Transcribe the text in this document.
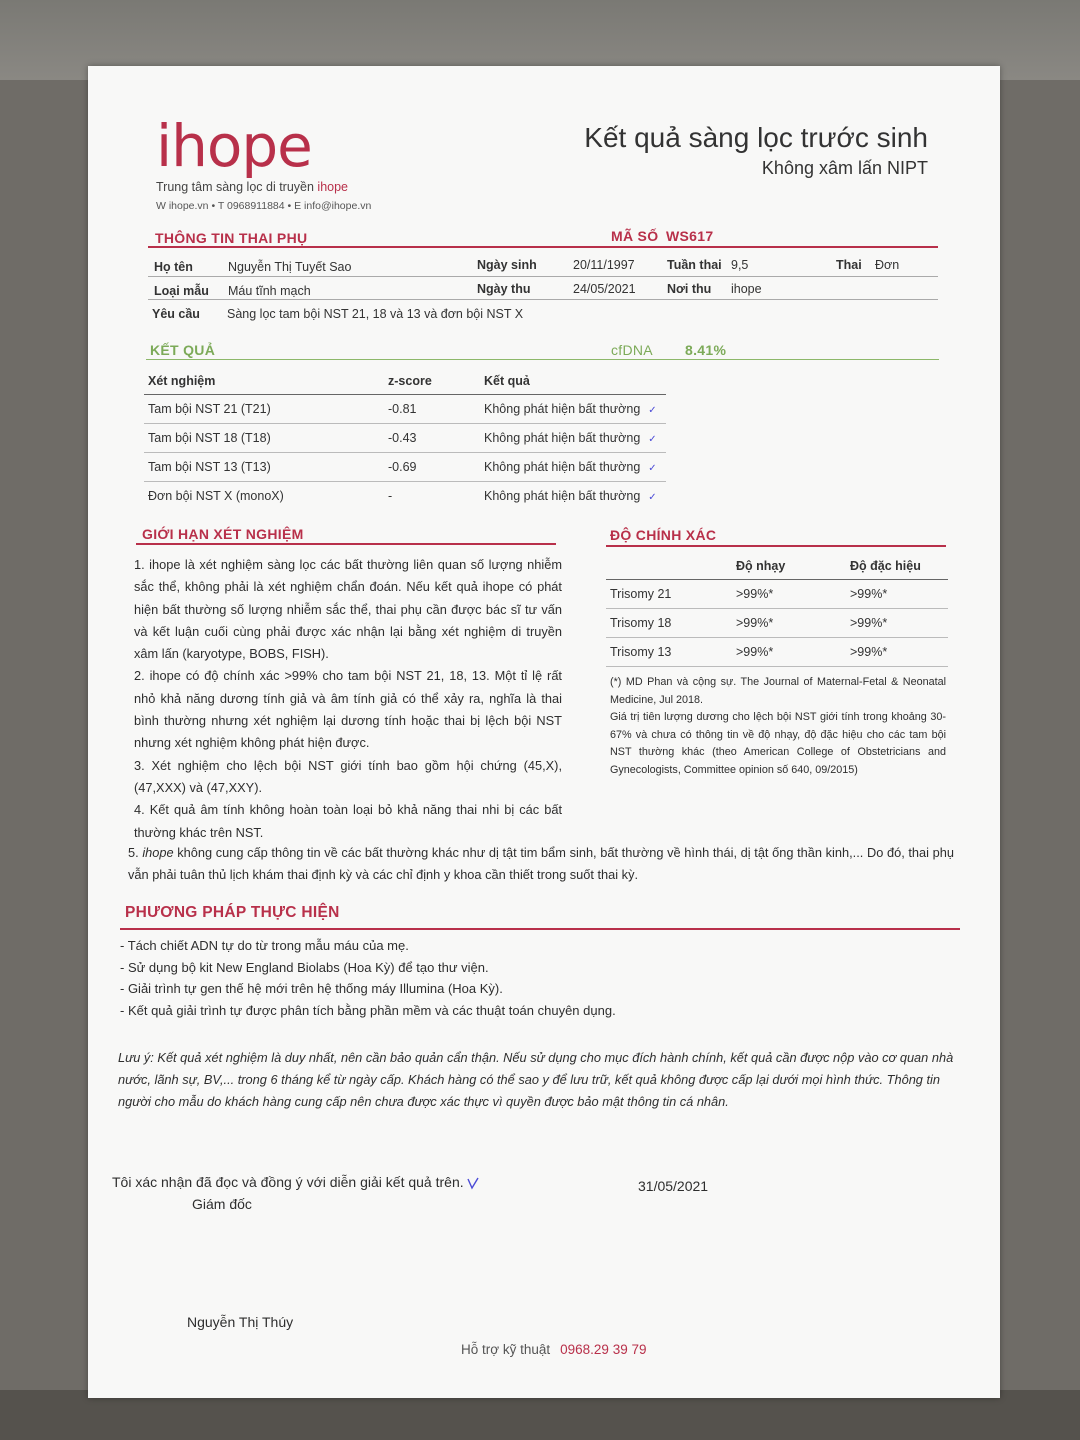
ihope
Trung tâm sàng lọc di truyền ihope
W ihope.vn • T 0968911884 • E info@ihope.vn
Kết quả sàng lọc trước sinh
Không xâm lấn NIPT
THÔNG TIN THAI PHỤ	MÃ SỐ WS617
Họ tên	Nguyễn Thị Tuyết Sao	Ngày sinh	20/11/1997	Tuần thai 9,5	Thai Đơn
Loại mẫu Máu tĩnh mạch	Ngày thu	24/05/2021	Nơi thu ihope
Yêu cầu Sàng lọc tam bội NST 21, 18 và 13 và đơn bội NST X
KẾT QUẢ	cfDNA 8.41%
Xét nghiệm	z-score	Kết quả
Tam bội NST 21 (T21)	-0.81	Không phát hiện bất thường ✓
Tam bội NST 18 (T18)	-0.43	Không phát hiện bất thường ✓
Tam bội NST 13 (T13)	-0.69	Không phát hiện bất thường ✓
Đơn bội NST X (monoX)	-	Không phát hiện bất thường ✓
GIỚI HẠN XÉT NGHIỆM
1. ihope là xét nghiệm sàng lọc các bất thường liên quan số lượng nhiễm sắc thể, không phải là xét nghiệm chẩn đoán. Nếu kết quả ihope có phát hiện bất thường số lượng nhiễm sắc thể, thai phụ cần được bác sĩ tư vấn và kết luận cuối cùng phải được xác nhận lại bằng xét nghiệm di truyền xâm lấn (karyotype, BOBS, FISH).
2. ihope có độ chính xác >99% cho tam bội NST 21, 18, 13. Một tỉ lệ rất nhỏ khả năng dương tính giả và âm tính giả có thể xảy ra, nghĩa là thai bình thường nhưng xét nghiệm lại dương tính hoặc thai bị lệch bội NST nhưng xét nghiệm không phát hiện được.
3. Xét nghiệm cho lệch bội NST giới tính bao gồm hội chứng (45,X), (47,XXX) và (47,XXY).
4. Kết quả âm tính không hoàn toàn loại bỏ khả năng thai nhi bị các bất thường khác trên NST.
5. ihope không cung cấp thông tin về các bất thường khác như dị tật tim bẩm sinh, bất thường về hình thái, dị tật ống thần kinh,... Do đó, thai phụ vẫn phải tuân thủ lịch khám thai định kỳ và các chỉ định y khoa cần thiết trong suốt thai kỳ.
ĐỘ CHÍNH XÁC
	Độ nhạy	Độ đặc hiệu
Trisomy 21	>99%*	>99%*
Trisomy 18	>99%*	>99%*
Trisomy 13	>99%*	>99%*
(*) MD Phan và cộng sự. The Journal of Maternal-Fetal & Neonatal Medicine, Jul 2018.
Giá trị tiên lượng dương cho lệch bội NST giới tính trong khoảng 30-67% và chưa có thông tin về độ nhạy, độ đặc hiệu cho các tam bội NST thường khác (theo American College of Obstetricians and Gynecologists, Committee opinion số 640, 09/2015)
PHƯƠNG PHÁP THỰC HIỆN
- Tách chiết ADN tự do từ trong mẫu máu của mẹ.
- Sử dụng bộ kit New England Biolabs (Hoa Kỳ) để tạo thư viện.
- Giải trình tự gen thế hệ mới trên hệ thống máy Illumina (Hoa Kỳ).
- Kết quả giải trình tự được phân tích bằng phần mềm và các thuật toán chuyên dụng.
Lưu ý: Kết quả xét nghiệm là duy nhất, nên cần bảo quản cẩn thận. Nếu sử dụng cho mục đích hành chính, kết quả cần được nộp vào cơ quan nhà nước, lãnh sự, BV,... trong 6 tháng kể từ ngày cấp. Khách hàng có thể sao y để lưu trữ, kết quả không được cấp lại dưới mọi hình thức. Thông tin người cho mẫu do khách hàng cung cấp nên chưa được xác thực vì quyền được bảo mật thông tin cá nhân.
Tôi xác nhận đã đọc và đồng ý với diễn giải kết quả trên.	31/05/2021
Giám đốc
Nguyễn Thị Thúy
Hỗ trợ kỹ thuật 0968.29 39 79
